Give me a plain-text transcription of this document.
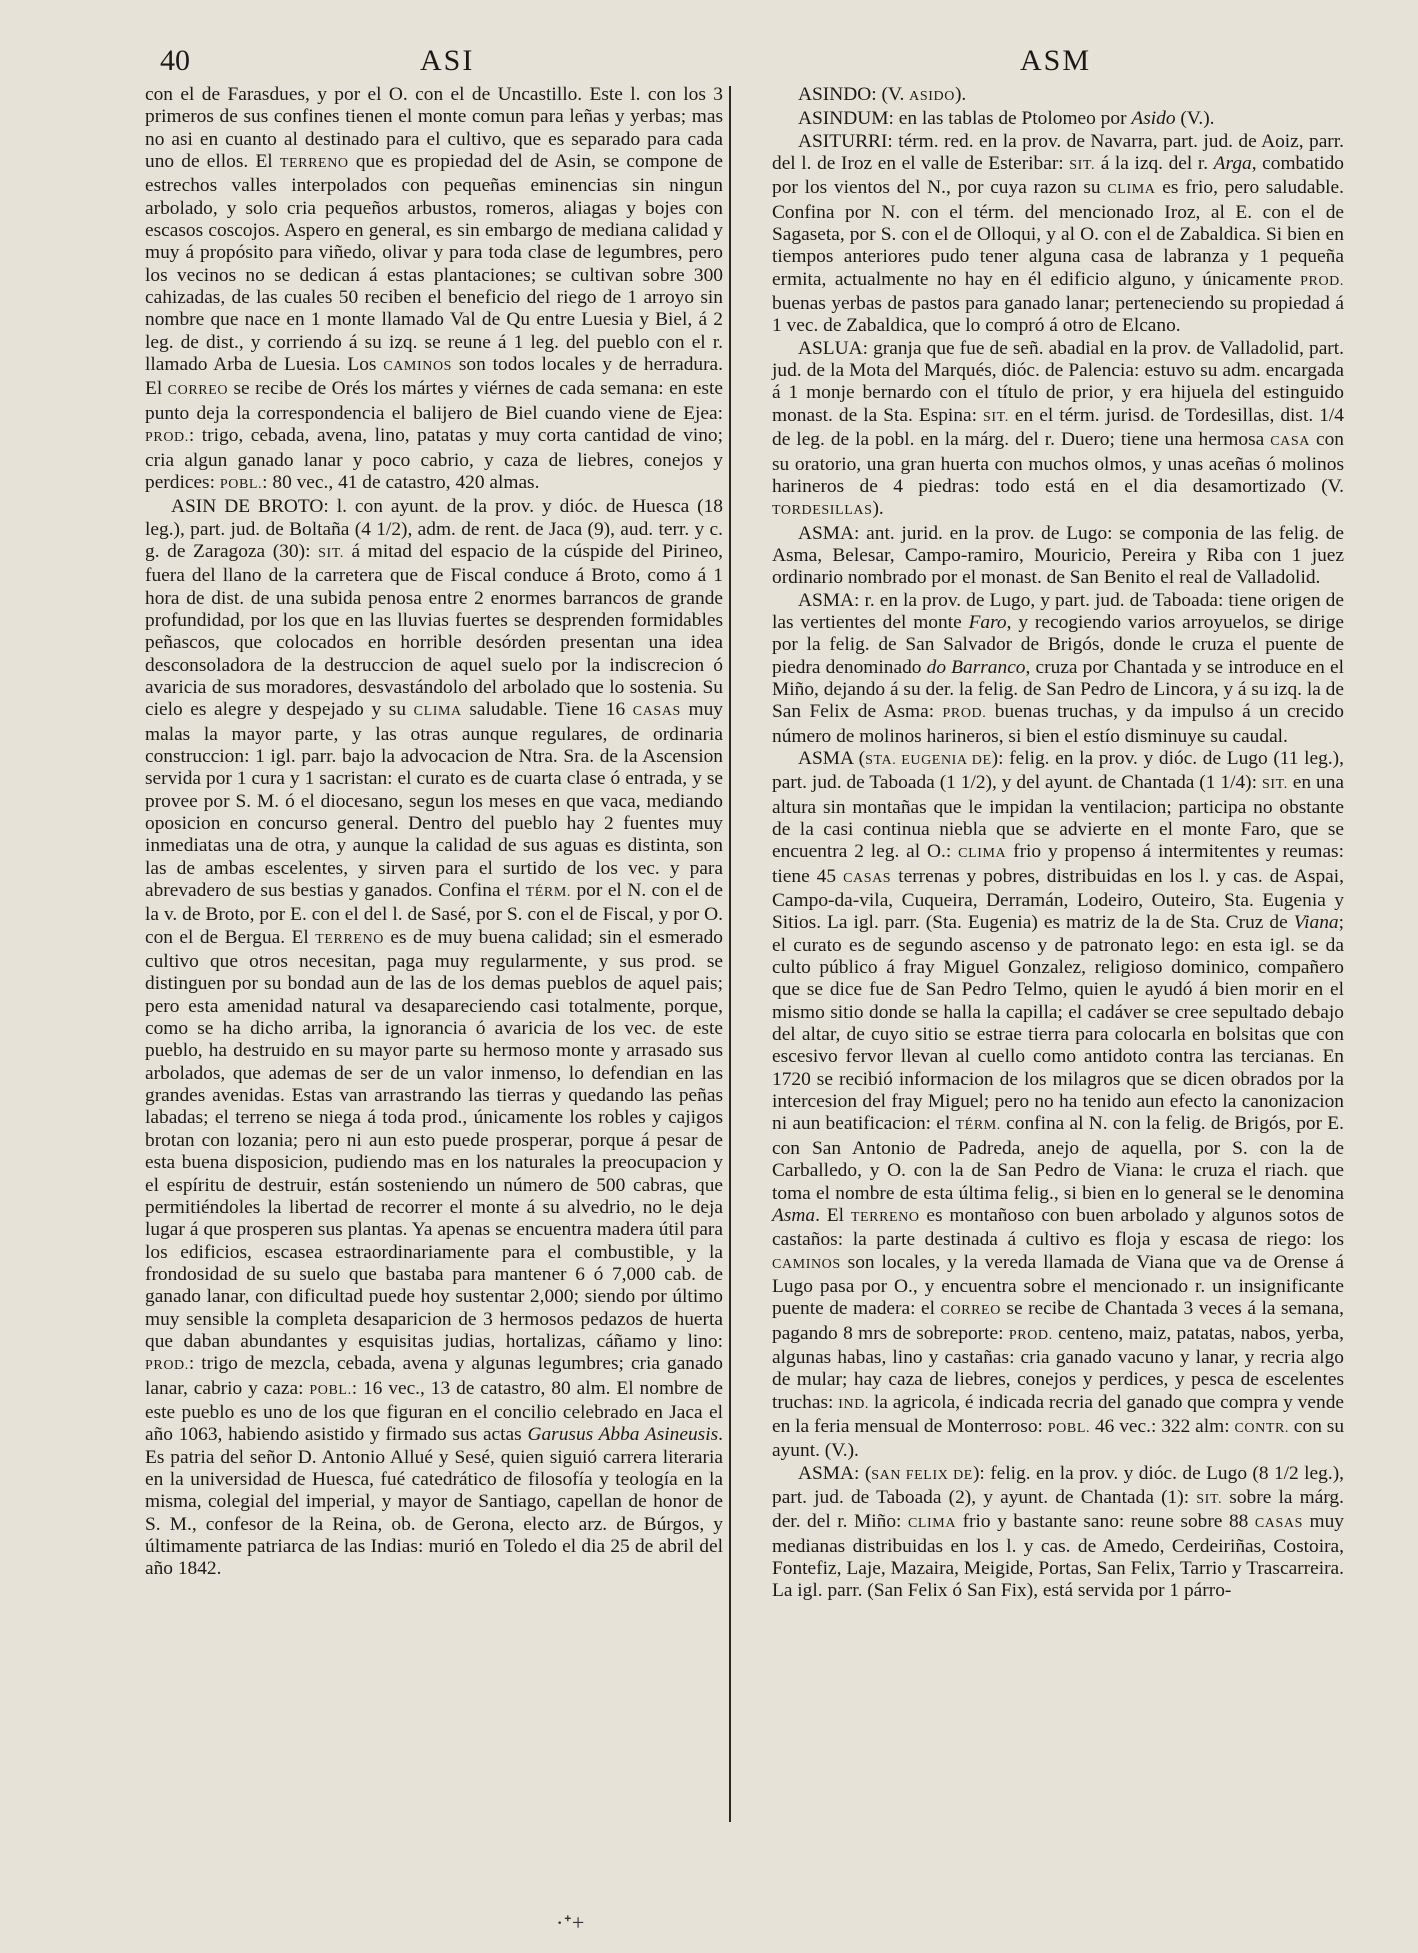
40	ASI	ASM

con el de Farasdues, y por el O. con el de Uncastillo. Este l. con los 3 primeros de sus confines tienen el monte comun para leñas y yerbas; mas no asi en cuanto al destinado para el cultivo, que es separado para cada uno de ellos. El TERRENO que es propiedad del de Asin, se compone de estrechos valles interpolados con pequeñas eminencias sin ningun arbolado, y solo cria pequeños arbustos, romeros, aliagas y bojes con escasos coscojos. Aspero en general, es sin embargo de mediana calidad y muy á propósito para viñedo, olivar y para toda clase de legumbres, pero los vecinos no se dedican á estas plantaciones; se cultivan sobre 300 cahizadas, de las cuales 50 reciben el beneficio del riego de 1 arroyo sin nombre que nace en 1 monte llamado Val de Qu entre Luesia y Biel, á 2 leg. de dist., y corriendo á su izq. se reune á 1 leg. del pueblo con el r. llamado Arba de Luesia. Los CAMINOS son todos locales y de herradura. El CORREO se recibe de Orés los mártes y viérnes de cada semana: en este punto deja la correspondencia el balijero de Biel cuando viene de Ejea: PROD.: trigo, cebada, avena, lino, patatas y muy corta cantidad de vino; cria algun ganado lanar y poco cabrio, y caza de liebres, conejos y perdices: POBL.: 80 vec., 41 de catastro, 420 almas.

ASIN DE BROTO: l. con ayunt. de la prov. y dióc. de Huesca (18 leg.), part. jud. de Boltaña (4 1/2), adm. de rent. de Jaca (9), aud. terr. y c. g. de Zaragoza (30): SIT. á mitad del espacio de la cúspide del Pirineo, fuera del llano de la carretera que de Fiscal conduce á Broto, como á 1 hora de dist. de una subida penosa entre 2 enormes barrancos de grande profundidad, por los que en las lluvias fuertes se desprenden formidables peñascos, que colocados en horrible desórden presentan una idea desconsoladora de la destruccion de aquel suelo por la indiscrecion ó avaricia de sus moradores, desvastándolo del arbolado que lo sostenia. Su cielo es alegre y despejado y su CLIMA saludable. Tiene 16 CASAS muy malas la mayor parte, y las otras aunque regulares, de ordinaria construccion: 1 igl. parr. bajo la advocacion de Ntra. Sra. de la Ascension servida por 1 cura y 1 sacristan: el curato es de cuarta clase ó entrada, y se provee por S. M. ó el diocesano, segun los meses en que vaca, mediando oposicion en concurso general. Dentro del pueblo hay 2 fuentes muy inmediatas una de otra, y aunque la calidad de sus aguas es distinta, son las de ambas escelentes, y sirven para el surtido de los vec. y para abrevadero de sus bestias y ganados. Confina el TÉRM. por el N. con el de la v. de Broto, por E. con el del l. de Sasé, por S. con el de Fiscal, y por O. con el de Bergua. El TERRENO es de muy buena calidad; sin el esmerado cultivo que otros necesitan, paga muy regularmente, y sus prod. se distinguen por su bondad aun de las de los demas pueblos de aquel pais; pero esta amenidad natural va desapareciendo casi totalmente, porque, como se ha dicho arriba, la ignorancia ó avaricia de los vec. de este pueblo, ha destruido en su mayor parte su hermoso monte y arrasado sus arbolados, que ademas de ser de un valor inmenso, lo defendian en las grandes avenidas. Estas van arrastrando las tierras y quedando las peñas labadas; el terreno se niega á toda prod., únicamente los robles y cajigos brotan con lozania; pero ni aun esto puede prosperar, porque á pesar de esta buena disposicion, pudiendo mas en los naturales la preocupacion y el espíritu de destruir, están sosteniendo un número de 500 cabras, que permitiéndoles la libertad de recorrer el monte á su alvedrio, no le deja lugar á que prosperen sus plantas. Ya apenas se encuentra madera útil para los edificios, escasea estraordinariamente para el combustible, y la frondosidad de su suelo que bastaba para mantener 6 ó 7,000 cab. de ganado lanar, con dificultad puede hoy sustentar 2,000; siendo por último muy sensible la completa desaparicion de 3 hermosos pedazos de huerta que daban abundantes y esquisitas judias, hortalizas, cáñamo y lino: PROD.: trigo de mezcla, cebada, avena y algunas legumbres; cria ganado lanar, cabrio y caza: POBL.: 16 vec., 13 de catastro, 80 alm. El nombre de este pueblo es uno de los que figuran en el concilio celebrado en Jaca el año 1063, habiendo asistido y firmado sus actas Garusus Abba Asineusis. Es patria del señor D. Antonio Allué y Sesé, quien siguió carrera literaria en la universidad de Huesca, fué catedrático de filosofía y teología en la misma, colegial del imperial, y mayor de Santiago, capellan de honor de S. M., confesor de la Reina, ob. de Gerona, electo arz. de Búrgos, y últimamente patriarca de las Indias: murió en Toledo el dia 25 de abril del año 1842.

ASINDO: (V. ASIDO).

ASINDUM: en las tablas de Ptolomeo por Asido (V.).

ASITURRI: térm. red. en la prov. de Navarra, part. jud. de Aoiz, parr. del l. de Iroz en el valle de Esteribar: SIT. á la izq. del r. Arga, combatido por los vientos del N., por cuya razon su CLIMA es frio, pero saludable. Confina por N. con el térm. del mencionado Iroz, al E. con el de Sagaseta, por S. con el de Olloqui, y al O. con el de Zabaldica. Si bien en tiempos anteriores pudo tener alguna casa de labranza y 1 pequeña ermita, actualmente no hay en él edificio alguno, y únicamente PROD. buenas yerbas de pastos para ganado lanar; perteneciendo su propiedad á 1 vec. de Zabaldica, que lo compró á otro de Elcano.

ASLUA: granja que fue de señ. abadial en la prov. de Valladolid, part. jud. de la Mota del Marqués, dióc. de Palencia: estuvo su adm. encargada á 1 monje bernardo con el título de prior, y era hijuela del estinguido monast. de la Sta. Espina: SIT. en el térm. jurisd. de Tordesillas, dist. 1/4 de leg. de la pobl. en la márg. del r. Duero; tiene una hermosa CASA con su oratorio, una gran huerta con muchos olmos, y unas aceñas ó molinos harineros de 4 piedras: todo está en el dia desamortizado (V. TORDESILLAS).

ASMA: ant. jurid. en la prov. de Lugo: se componia de las felig. de Asma, Belesar, Campo-ramiro, Mouricio, Pereira y Riba con 1 juez ordinario nombrado por el monast. de San Benito el real de Valladolid.

ASMA: r. en la prov. de Lugo, y part. jud. de Taboada: tiene origen de las vertientes del monte Faro, y recogiendo varios arroyuelos, se dirige por la felig. de San Salvador de Brigós, donde le cruza el puente de piedra denominado do Barranco, cruza por Chantada y se introduce en el Miño, dejando á su der. la felig. de San Pedro de Lincora, y á su izq. la de San Felix de Asma: PROD. buenas truchas, y da impulso á un crecido número de molinos harineros, si bien el estío disminuye su caudal.

ASMA (STA. EUGENIA DE): felig. en la prov. y dióc. de Lugo (11 leg.), part. jud. de Taboada (1 1/2), y del ayunt. de Chantada (1 1/4): SIT. en una altura sin montañas que le impidan la ventilacion; participa no obstante de la casi continua niebla que se advierte en el monte Faro, que se encuentra 2 leg. al O.: CLIMA frio y propenso á intermitentes y reumas: tiene 45 CASAS terrenas y pobres, distribuidas en los l. y cas. de Aspai, Campo-da-vila, Cuqueira, Derramán, Lodeiro, Outeiro, Sta. Eugenia y Sitios. La igl. parr. (Sta. Eugenia) es matriz de la de Sta. Cruz de Viana; el curato es de segundo ascenso y de patronato lego: en esta igl. se da culto público á fray Miguel Gonzalez, religioso dominico, compañero que se dice fue de San Pedro Telmo, quien le ayudó á bien morir en el mismo sitio donde se halla la capilla; el cadáver se cree sepultado debajo del altar, de cuyo sitio se estrae tierra para colocarla en bolsitas que con escesivo fervor llevan al cuello como antidoto contra las tercianas. En 1720 se recibió informacion de los milagros que se dicen obrados por la intercesion del fray Miguel; pero no ha tenido aun efecto la canonizacion ni aun beatificacion: el TÉRM. confina al N. con la felig. de Brigós, por E. con San Antonio de Padreda, anejo de aquella, por S. con la de Carballedo, y O. con la de San Pedro de Viana: le cruza el riach. que toma el nombre de esta última felig., si bien en lo general se le denomina Asma. El TERRENO es montañoso con buen arbolado y algunos sotos de castaños: la parte destinada á cultivo es floja y escasa de riego: los CAMINOS son locales, y la vereda llamada de Viana que va de Orense á Lugo pasa por O., y encuentra sobre el mencionado r. un insignificante puente de madera: el CORREO se recibe de Chantada 3 veces á la semana, pagando 8 mrs de sobreporte: PROD. centeno, maiz, patatas, nabos, yerba, algunas habas, lino y castañas: cria ganado vacuno y lanar, y recria algo de mular; hay caza de liebres, conejos y perdices, y pesca de escelentes truchas: IND. la agricola, é indicada recria del ganado que compra y vende en la feria mensual de Monterroso: POBL. 46 vec.: 322 alm: CONTR. con su ayunt. (V.).

ASMA: (SAN FELIX DE): felig. en la prov. y dióc. de Lugo (8 1/2 leg.), part. jud. de Taboada (2), y ayunt. de Chantada (1): SIT. sobre la márg. der. del r. Miño: CLIMA frio y bastante sano: reune sobre 88 CASAS muy medianas distribuidas en los l. y cas. de Amedo, Cerdeiriñas, Costoira, Fontefiz, Laje, Mazaira, Meigide, Portas, San Felix, Tarrio y Trascarreira. La igl. parr. (San Felix ó San Fix), está servida por 1 párro-

·ᐩ+
